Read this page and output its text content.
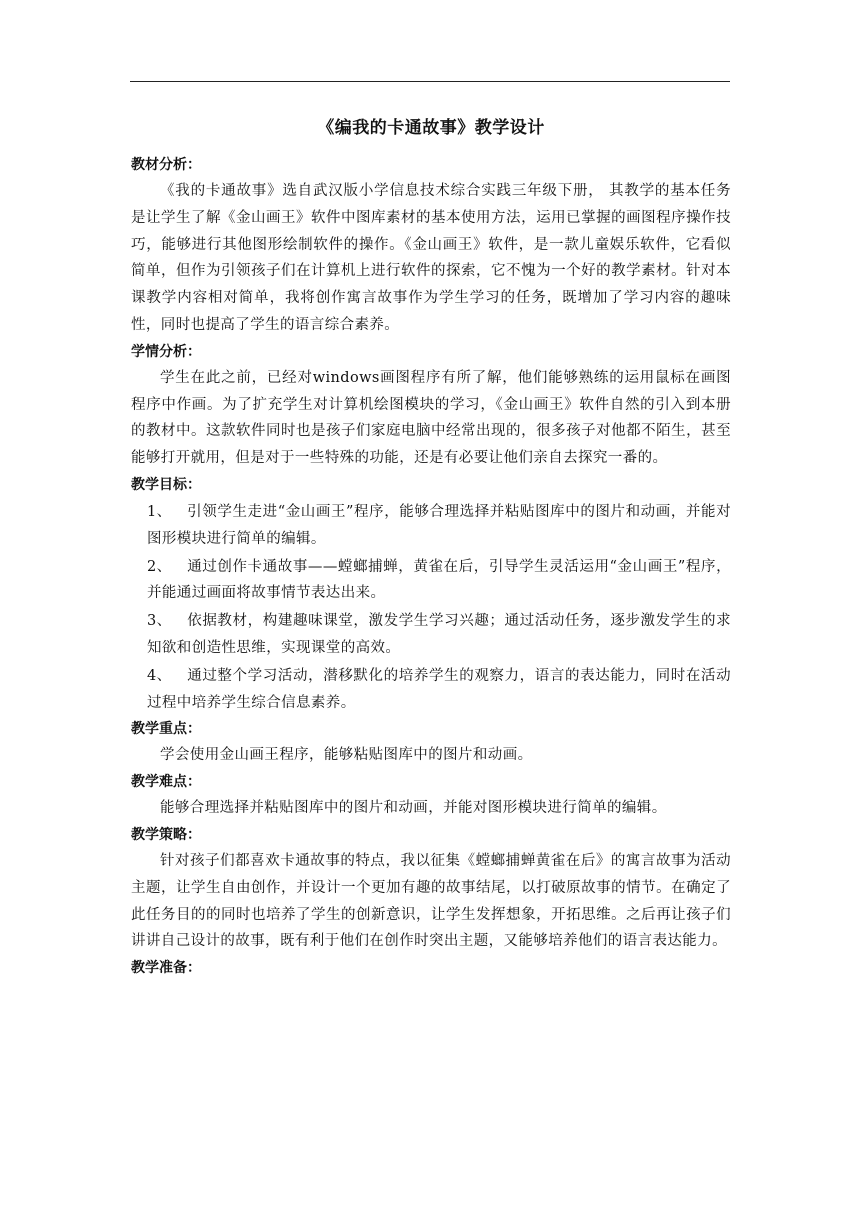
《编我的卡通故事》教学设计
教材分析：

《我的卡通故事》选自武汉版小学信息技术综合实践三年级下册， 其教学的基本任务是让学生了解《金山画王》软件中图库素材的基本使用方法，运用已掌握的画图程序操作技巧，能够进行其他图形绘制软件的操作。《金山画王》软件，是一款儿童娱乐软件，它看似简单，但作为引领孩子们在计算机上进行软件的探索，它不愧为一个好的教学素材。针对本课教学内容相对简单，我将创作寓言故事作为学生学习的任务，既增加了学习内容的趣味性，同时也提高了学生的语言综合素养。

学情分析：

学生在此之前，已经对windows画图程序有所了解，他们能够熟练的运用鼠标在画图程序中作画。为了扩充学生对计算机绘图模块的学习，《金山画王》软件自然的引入到本册的教材中。这款软件同时也是孩子们家庭电脑中经常出现的，很多孩子对他都不陌生，甚至能够打开就用，但是对于一些特殊的功能，还是有必要让他们亲自去探究一番的。

教学目标：
1、 引领学生走进“金山画王”程序，能够合理选择并粘贴图库中的图片和动画，并能对图形模块进行简单的编辑。
2、 通过创作卡通故事——螳螂捕蝉，黄雀在后，引导学生灵活运用“金山画王”程序，并能通过画面将故事情节表达出来。
3、 依据教材，构建趣味课堂，激发学生学习兴趣；通过活动任务，逐步激发学生的求知欲和创造性思维，实现课堂的高效。
4、 通过整个学习活动，潜移默化的培养学生的观察力，语言的表达能力，同时在活动过程中培养学生综合信息素养。
教学重点：

学会使用金山画王程序，能够粘贴图库中的图片和动画。

教学难点：

能够合理选择并粘贴图库中的图片和动画，并能对图形模块进行简单的编辑。

教学策略：

针对孩子们都喜欢卡通故事的特点，我以征集《螳螂捕蝉黄雀在后》的寓言故事为活动主题，让学生自由创作，并设计一个更加有趣的故事结尾，以打破原故事的情节。在确定了此任务目的的同时也培养了学生的创新意识，让学生发挥想象，开拓思维。之后再让孩子们讲讲自己设计的故事，既有利于他们在创作时突出主题，又能够培养他们的语言表达能力。

教学准备：
